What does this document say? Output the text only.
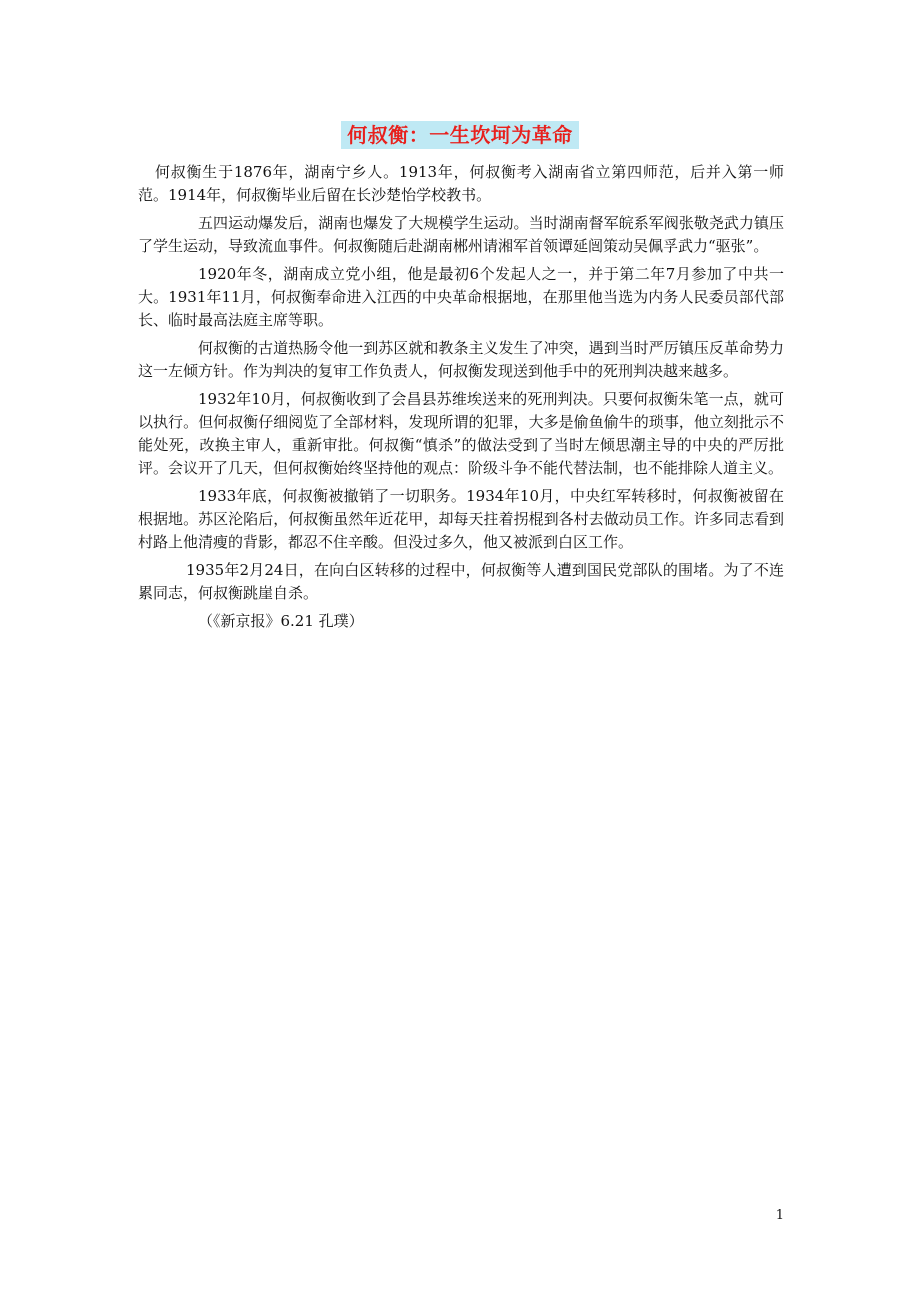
何叔衡：一生坎坷为革命

何叔衡生于1876年，湖南宁乡人。1913年，何叔衡考入湖南省立第四师范，后并入第一师范。1914年，何叔衡毕业后留在长沙楚怡学校教书。

五四运动爆发后，湖南也爆发了大规模学生运动。当时湖南督军皖系军阀张敬尧武力镇压了学生运动，导致流血事件。何叔衡随后赴湖南郴州请湘军首领谭延闿策动吴佩孚武力“驱张”。

1920年冬，湖南成立党小组，他是最初6个发起人之一，并于第二年7月参加了中共一大。1931年11月，何叔衡奉命进入江西的中央革命根据地，在那里他当选为内务人民委员部代部长、临时最高法庭主席等职。

何叔衡的古道热肠令他一到苏区就和教条主义发生了冲突，遇到当时严厉镇压反革命势力这一左倾方针。作为判决的复审工作负责人，何叔衡发现送到他手中的死刑判决越来越多。

1932年10月，何叔衡收到了会昌县苏维埃送来的死刑判决。只要何叔衡朱笔一点，就可以执行。但何叔衡仔细阅览了全部材料，发现所谓的犯罪，大多是偷鱼偷牛的琐事，他立刻批示不能处死，改换主审人，重新审批。何叔衡“慎杀”的做法受到了当时左倾思潮主导的中央的严厉批评。会议开了几天，但何叔衡始终坚持他的观点：阶级斗争不能代替法制，也不能排除人道主义。

1933年底，何叔衡被撤销了一切职务。1934年10月，中央红军转移时，何叔衡被留在根据地。苏区沦陷后，何叔衡虽然年近花甲，却每天拄着拐棍到各村去做动员工作。许多同志看到村路上他清瘦的背影，都忍不住辛酸。但没过多久，他又被派到白区工作。

1935年2月24日，在向白区转移的过程中，何叔衡等人遭到国民党部队的围堵。为了不连累同志，何叔衡跳崖自杀。

（《新京报》6.21 孔璞）

1
